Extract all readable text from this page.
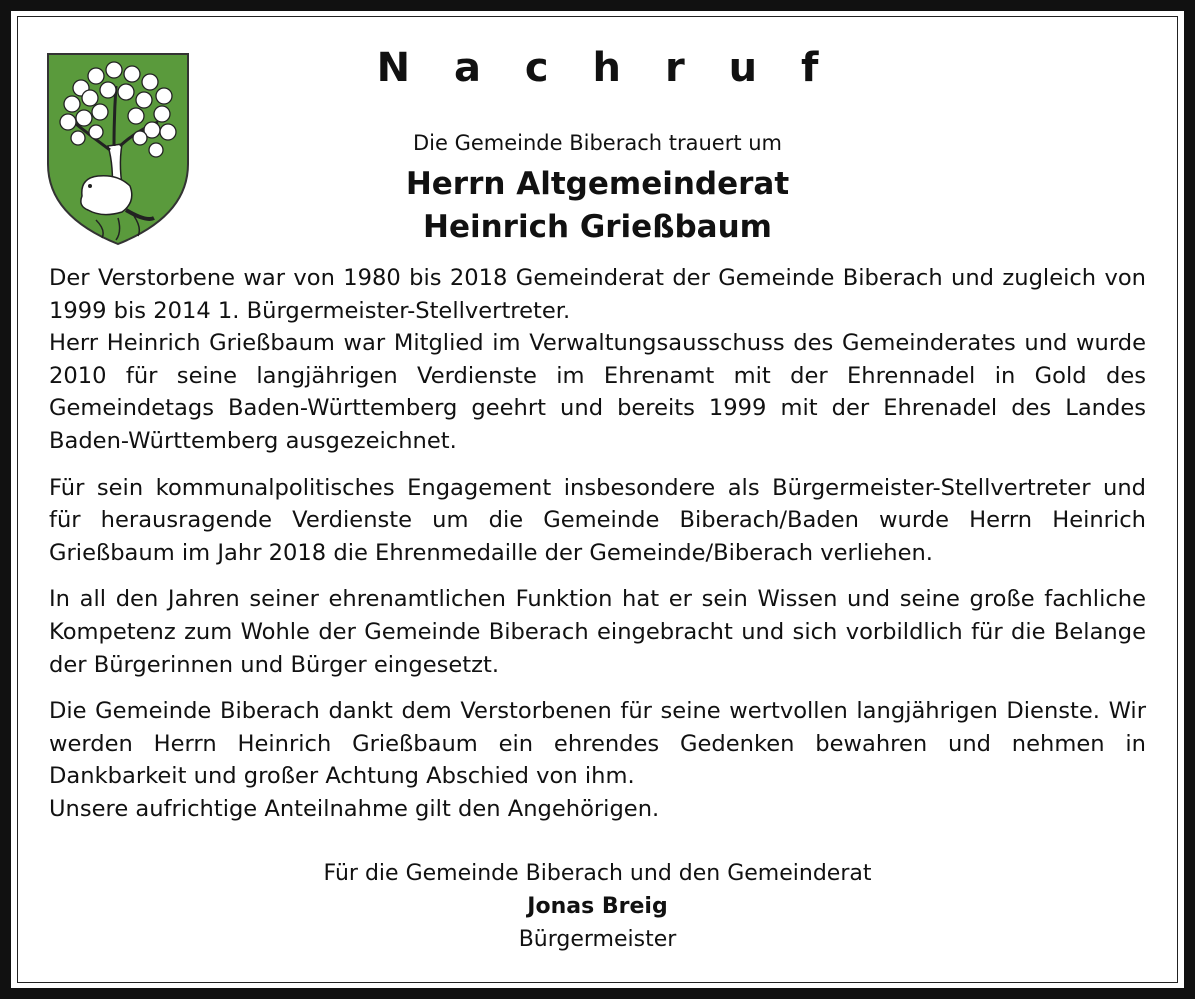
N a c h r u f
Die Gemeinde Biberach trauert um
Herrn Altgemeinderat
Heinrich Grießbaum

Der Verstorbene war von 1980 bis 2018 Gemeinderat der Gemeinde Biberach und zugleich von 1999 bis 2014 1. Bürgermeister-Stellvertreter.
Herr Heinrich Grießbaum war Mitglied im Verwaltungsausschuss des Gemeinderates und wurde 2010 für seine langjährigen Verdienste im Ehrenamt mit der Ehrennadel in Gold des Gemeindetags Baden-Württemberg geehrt und bereits 1999 mit der Ehrenadel des Landes Baden-Württemberg ausgezeichnet.

Für sein kommunalpolitisches Engagement insbesondere als Bürgermeister-Stellvertreter und für herausragende Verdienste um die Gemeinde Biberach/Baden wurde Herrn Heinrich Grießbaum im Jahr 2018 die Ehrenmedaille der Gemeinde/Biberach verliehen.

In all den Jahren seiner ehrenamtlichen Funktion hat er sein Wissen und seine große fachliche Kompetenz zum Wohle der Gemeinde Biberach eingebracht und sich vorbildlich für die Belange der Bürgerinnen und Bürger eingesetzt.

Die Gemeinde Biberach dankt dem Verstorbenen für seine wertvollen langjährigen Dienste. Wir werden Herrn Heinrich Grießbaum ein ehrendes Gedenken bewahren und nehmen in Dankbarkeit und großer Achtung Abschied von ihm.
Unsere aufrichtige Anteilnahme gilt den Angehörigen.

Für die Gemeinde Biberach und den Gemeinderat
Jonas Breig
Bürgermeister
